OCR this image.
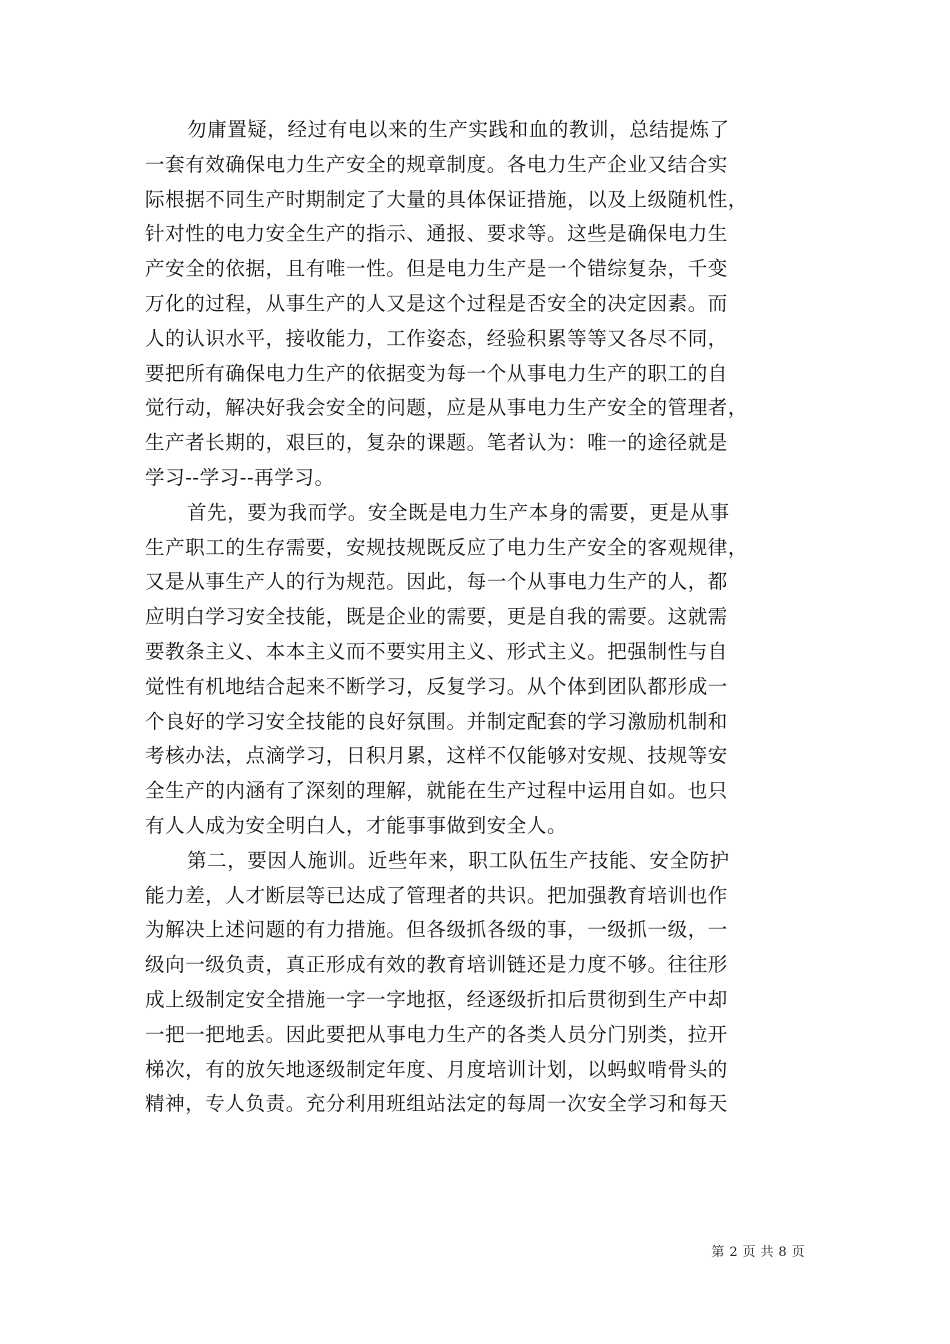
勿庸置疑，经过有电以来的生产实践和血的教训，总结提炼了
一套有效确保电力生产安全的规章制度。各电力生产企业又结合实
际根据不同生产时期制定了大量的具体保证措施，以及上级随机性，
针对性的电力安全生产的指示、通报、要求等。这些是确保电力生
产安全的依据，且有唯一性。但是电力生产是一个错综复杂，千变
万化的过程，从事生产的人又是这个过程是否安全的决定因素。而
人的认识水平，接收能力，工作姿态，经验积累等等又各尽不同，
要把所有确保电力生产的依据变为每一个从事电力生产的职工的自
觉行动，解决好我会安全的问题，应是从事电力生产安全的管理者，
生产者长期的，艰巨的，复杂的课题。笔者认为：唯一的途径就是
学习--学习--再学习。
首先，要为我而学。安全既是电力生产本身的需要，更是从事
生产职工的生存需要，安规技规既反应了电力生产安全的客观规律，
又是从事生产人的行为规范。因此，每一个从事电力生产的人，都
应明白学习安全技能，既是企业的需要，更是自我的需要。这就需
要教条主义、本本主义而不要实用主义、形式主义。把强制性与自
觉性有机地结合起来不断学习，反复学习。从个体到团队都形成一
个良好的学习安全技能的良好氛围。并制定配套的学习激励机制和
考核办法，点滴学习，日积月累，这样不仅能够对安规、技规等安
全生产的内涵有了深刻的理解，就能在生产过程中运用自如。也只
有人人成为安全明白人，才能事事做到安全人。
第二，要因人施训。近些年来，职工队伍生产技能、安全防护
能力差，人才断层等已达成了管理者的共识。把加强教育培训也作
为解决上述问题的有力措施。但各级抓各级的事，一级抓一级，一
级向一级负责，真正形成有效的教育培训链还是力度不够。往往形
成上级制定安全措施一字一字地抠，经逐级折扣后贯彻到生产中却
一把一把地丢。因此要把从事电力生产的各类人员分门别类，拉开
梯次，有的放矢地逐级制定年度、月度培训计划，以蚂蚁啃骨头的
精神，专人负责。充分利用班组站法定的每周一次安全学习和每天
第 2 页 共 8 页
